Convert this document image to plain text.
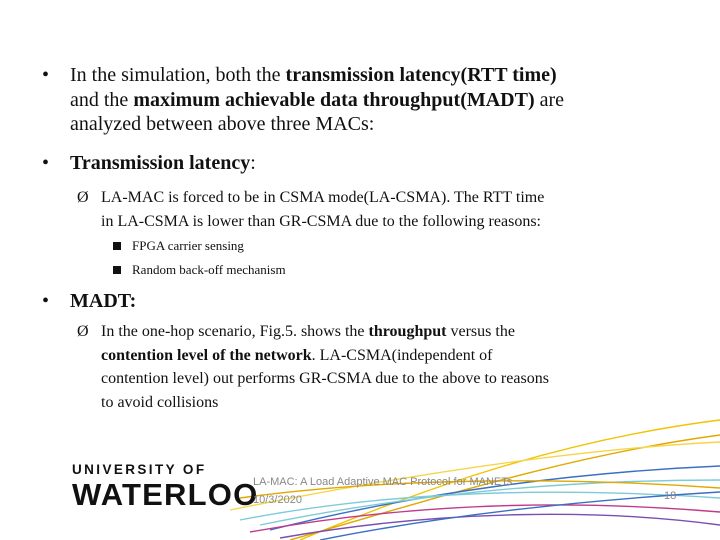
• In the simulation, both the transmission latency(RTT time)
and the maximum achievable data throughput(MADT) are
analyzed between above three MACs:
• Transmission latency:
Ø LA-MAC is forced to be in CSMA mode(LA-CSMA). The RTT time
in LA-CSMA is lower than GR-CSMA due to the following reasons:
FPGA carrier sensing
Random back-off mechanism
• MADT:
Ø In the one-hop scenario, Fig.5. shows the throughput versus the
contention level of the network. LA-CSMA(independent of
contention level) out performs GR-CSMA due to the above to reasons
to avoid collisions
UNIVERSITY OF
WATERLOO
LA-MAC: A Load Adaptive MAC Protocol for MANETs
10/3/2020	18
